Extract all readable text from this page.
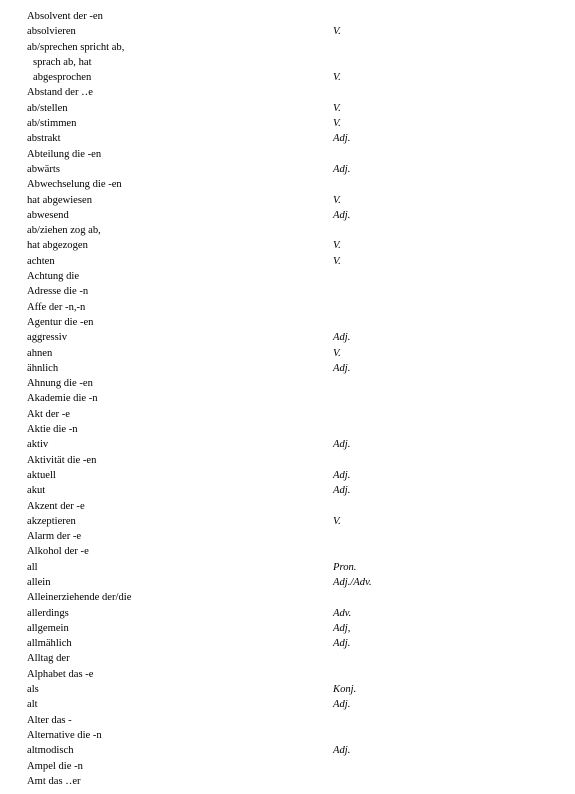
Absolvent der -en
absolvieren	V.
ab/sprechen spricht ab,
sprach ab, hat
abgesprochen	V.
Abstand der ‥e
ab/stellen	V.
ab/stimmen	V.
abstrakt	Adj.
Abteilung die -en
abwärts	Adj.
Abwechselung die -en
hat abgewiesen	V.
abwesend	Adj.
ab/ziehen zog ab,
hat abgezogen	V.
achten	V.
Achtung die
Adresse die -n
Affe der -n,-n
Agentur die -en
aggressiv	Adj.
ahnen	V.
ähnlich	Adj.
Ahnung die -en
Akademie die -n
Akt der -e
Aktie die -n
aktiv	Adj.
Aktivität die -en
aktuell	Adj.
akut	Adj.
Akzent der -e
akzeptieren	V.
Alarm der -e
Alkohol der -e
all	Pron.
allein	Adj./Adv.
Alleinerziehende der/die
allerdings	Adv.
allgemein	Adj,
allmählich	Adj.
Alltag der
Alphabet das -e
als	Konj.
alt	Adj.
Alter das -
Alternative die -n
altmodisch	Adj.
Ampel die -n
Amt das ‥er
